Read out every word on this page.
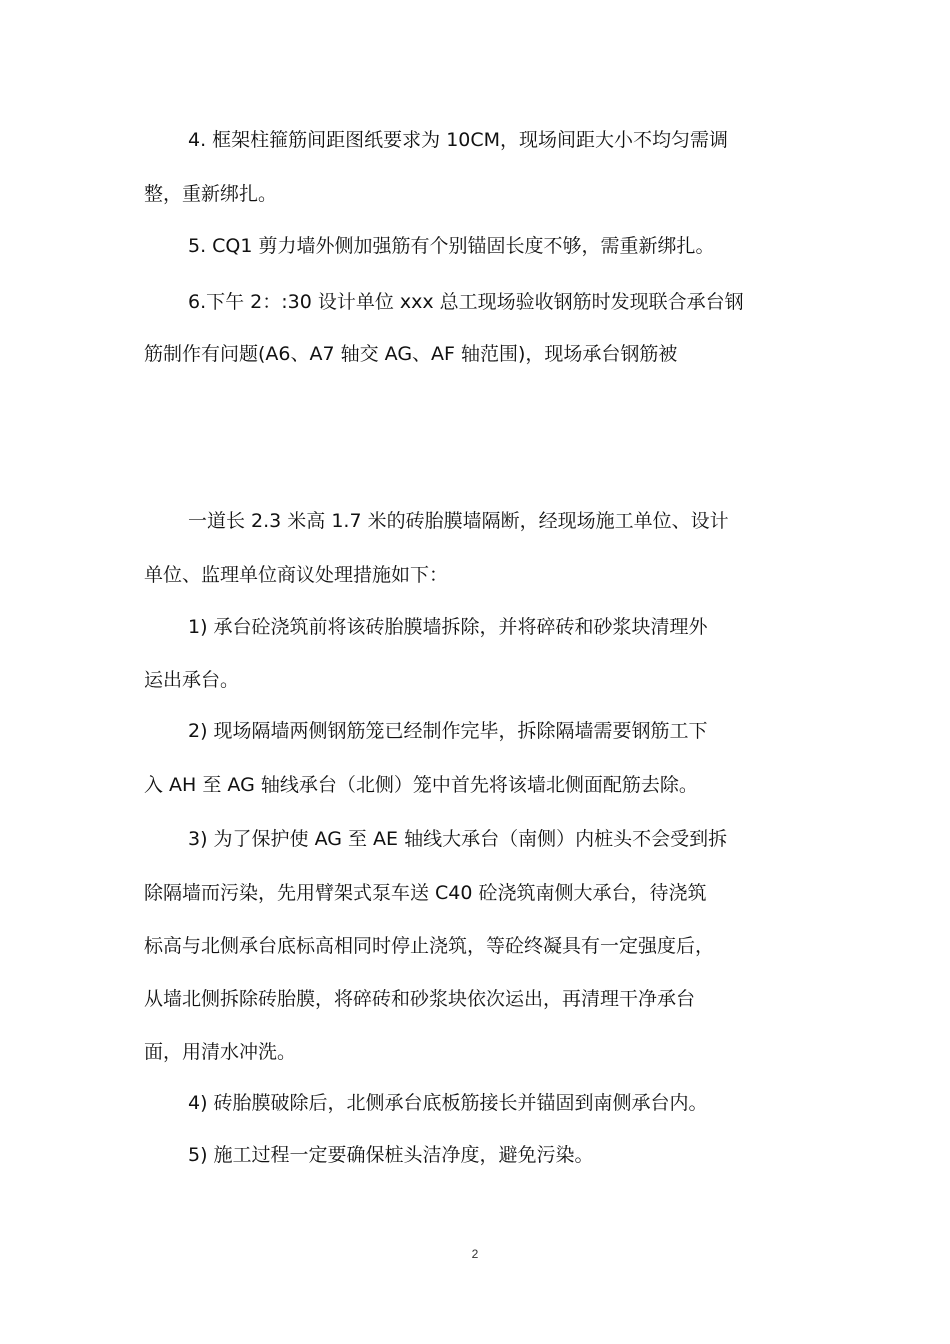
4. 框架柱箍筋间距图纸要求为 10CM，现场间距大小不均匀需调
整，重新绑扎。
5. CQ1 剪力墙外侧加强筋有个别锚固长度不够，需重新绑扎。
6.下午 2：:30 设计单位 xxx 总工现场验收钢筋时发现联合承台钢
筋制作有问题(A6、A7 轴交 AG、AF 轴范围)，现场承台钢筋被
一道长 2.3 米高 1.7 米的砖胎膜墙隔断，经现场施工单位、设计
单位、监理单位商议处理措施如下：
1) 承台砼浇筑前将该砖胎膜墙拆除，并将碎砖和砂浆块清理外
运出承台。
2) 现场隔墙两侧钢筋笼已经制作完毕，拆除隔墙需要钢筋工下
入 AH 至 AG 轴线承台（北侧）笼中首先将该墙北侧面配筋去除。
3) 为了保护使 AG 至 AE 轴线大承台（南侧）内桩头不会受到拆
除隔墙而污染，先用臂架式泵车送 C40 砼浇筑南侧大承台，待浇筑
标高与北侧承台底标高相同时停止浇筑，等砼终凝具有一定强度后，
从墙北侧拆除砖胎膜，将碎砖和砂浆块依次运出，再清理干净承台
面，用清水冲洗。
4) 砖胎膜破除后，北侧承台底板筋接长并锚固到南侧承台内。
5) 施工过程一定要确保桩头洁净度，避免污染。
2
